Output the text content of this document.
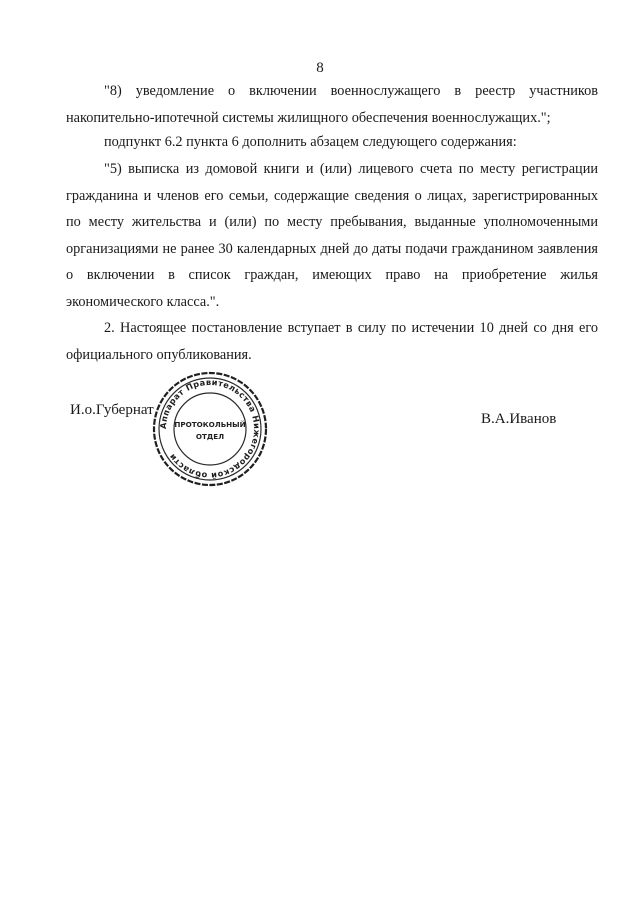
8

"8) уведомление о включении военнослужащего в реестр участников накопительно-ипотечной системы жилищного обеспечения военнослужащих.";

подпункт 6.2 пункта 6 дополнить абзацем следующего содержания:

"5) выписка из домовой книги и (или) лицевого счета по месту регистрации гражданина и членов его семьи, содержащие сведения о лицах, зарегистрированных по месту жительства и (или) по месту пребывания, выданные уполномоченными организациями не ранее 30 календарных дней до даты подачи гражданином заявления о включении в список граждан, имеющих право на приобретение жилья экономического класса.".

2. Настоящее постановление вступает в силу по истечении 10 дней со дня его официального опубликования.

И.о.Губернат
В.А.Иванов
Аппарат Правительства Нижегородской области
ПРОТОКОЛЬНЫЙ
ОТДЕЛ
